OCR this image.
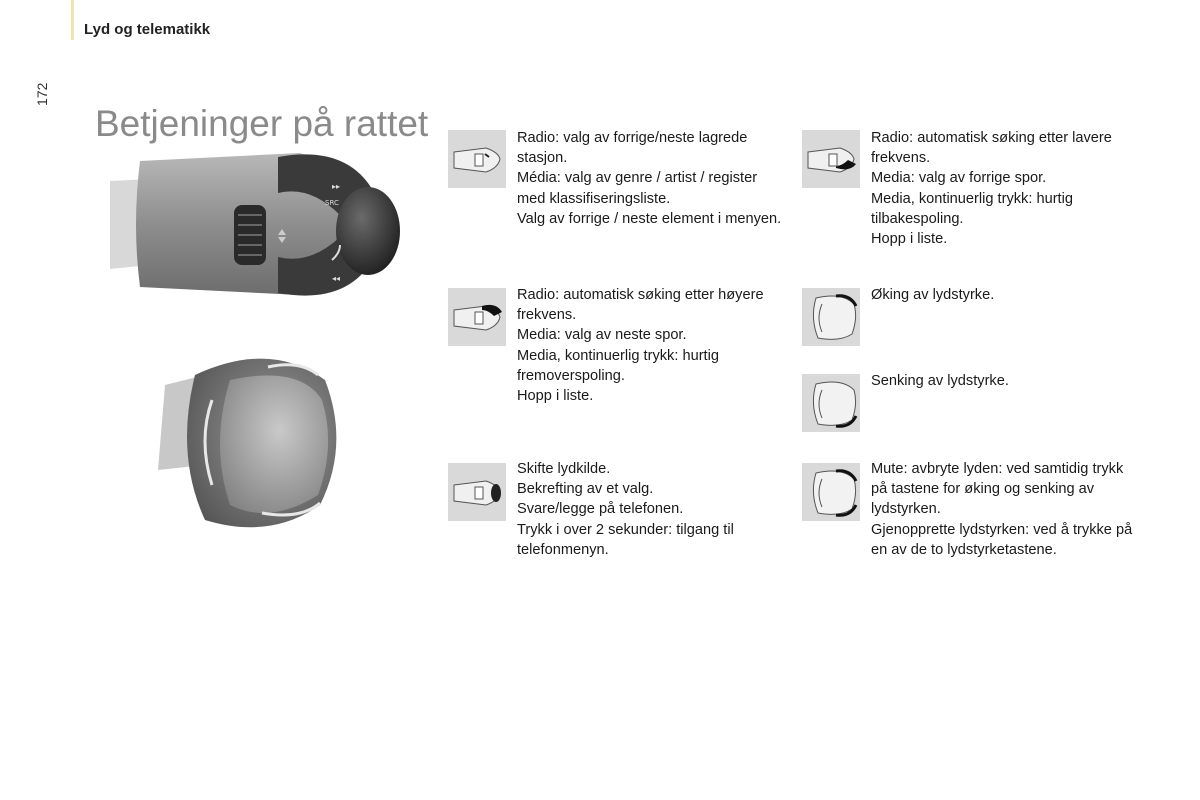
Lyd og telematikk
172
Betjeninger på rattet
SRC
▸▸
◂◂

Radio: valg av forrige/neste lagrede stasjon.

Média: valg av genre / artist / register med klassifiseringsliste.

Valg av forrige / neste element i menyen.

Radio: automatisk søking etter høyere frekvens.

Media: valg av neste spor.

Media, kontinuerlig trykk: hurtig fremoverspoling.

Hopp i liste.

Skifte lydkilde.

Bekrefting av et valg.

Svare/legge på telefonen.

Trykk i over 2 sekunder: tilgang til telefonmenyn.

Radio: automatisk søking etter lavere frekvens.

Media: valg av forrige spor.

Media, kontinuerlig trykk: hurtig tilbakespoling.

Hopp i liste.

Øking av lydstyrke.

Senking av lydstyrke.

Mute: avbryte lyden: ved samtidig trykk på tastene for øking og senking av lydstyrken.

Gjenopprette lydstyrken: ved å trykke på en av de to lydstyrketastene.
